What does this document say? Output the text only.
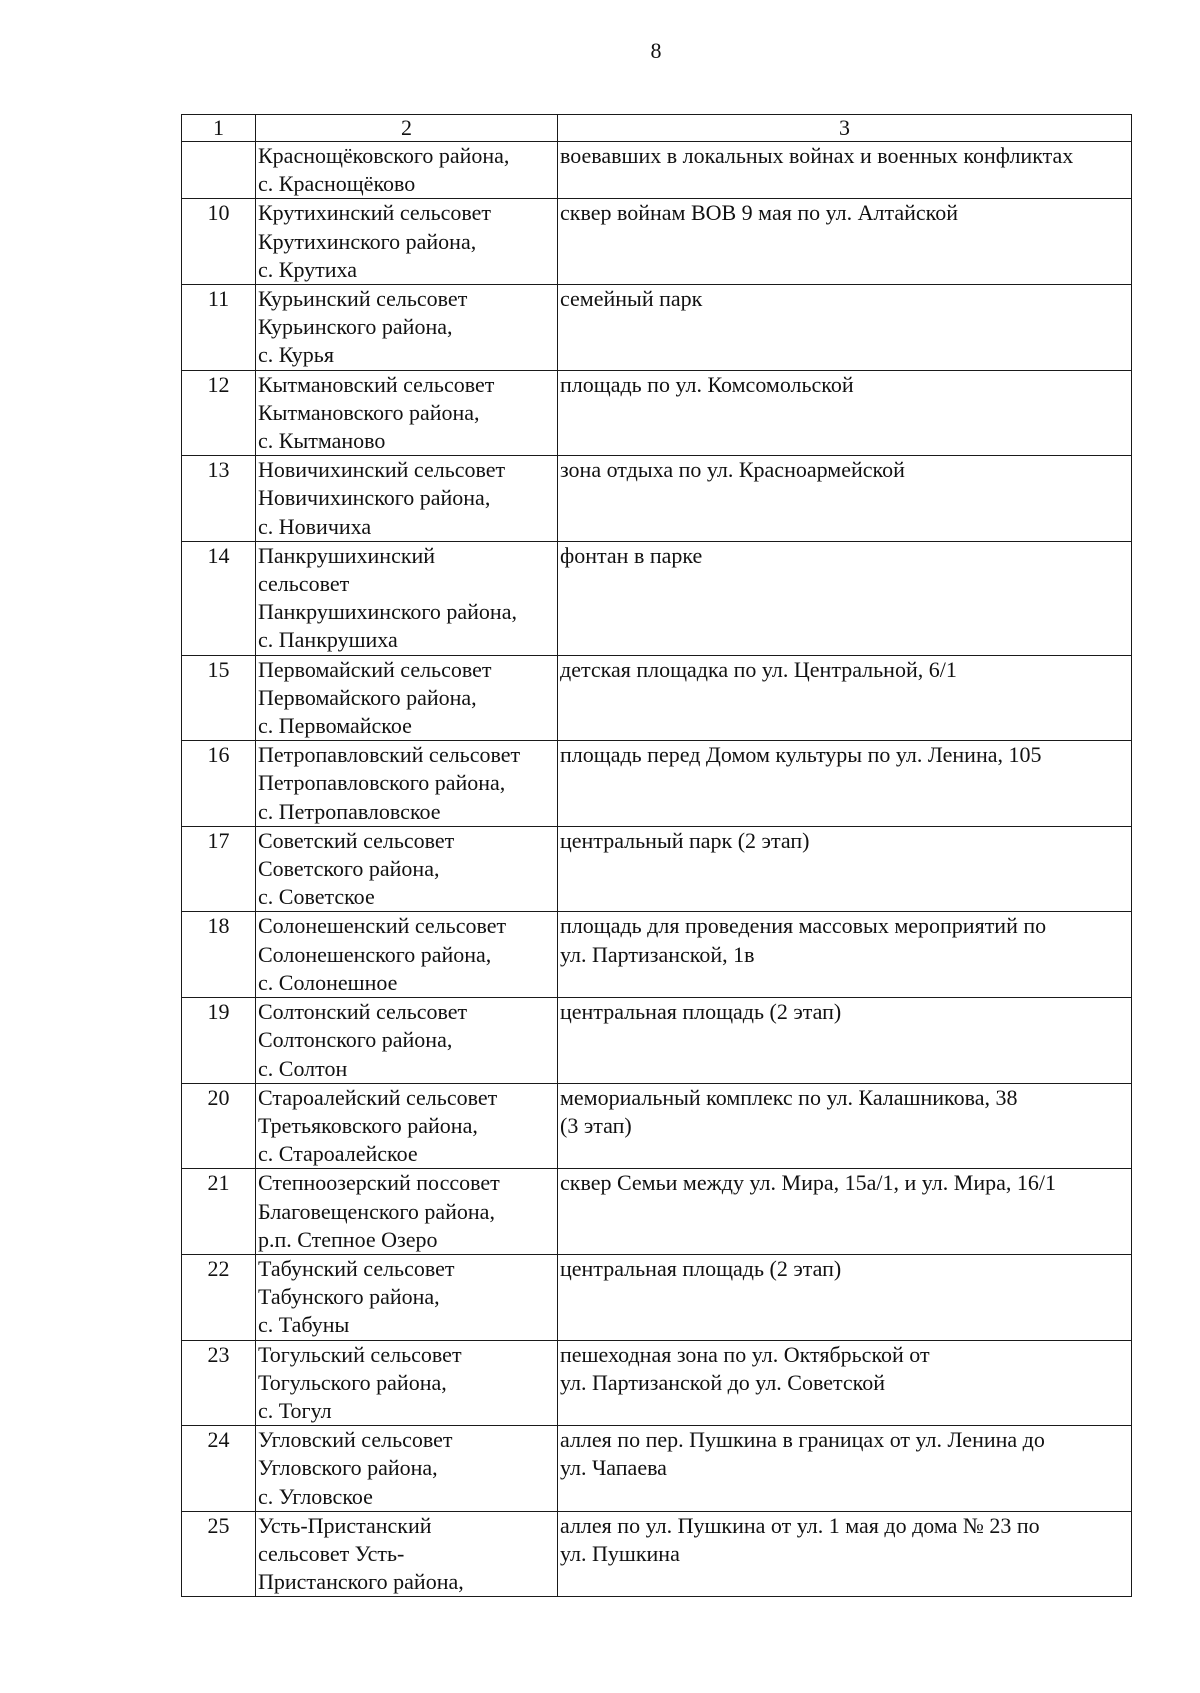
8
1	2	3

	Краснощёковского района,
с. Краснощёково	воевавших в локальных войнах и военных конфликтах

10	Крутихинский сельсовет
Крутихинского района,
с. Крутиха	сквер войнам ВОВ 9 мая по ул. Алтайской

11	Курьинский сельсовет
Курьинского района,
с. Курья	семейный парк

12	Кытмановский сельсовет
Кытмановского района,
с. Кытманово	площадь по ул. Комсомольской

13	Новичихинский сельсовет
Новичихинского района,
с. Новичиха	зона отдыха по ул. Красноармейской

14	Панкрушихинский
сельсовет
Панкрушихинского района,
с. Панкрушиха	фонтан в парке

15	Первомайский сельсовет
Первомайского района,
с. Первомайское	детская площадка по ул. Центральной, 6/1

16	Петропавловский сельсовет
Петропавловского района,
с. Петропавловское	площадь перед Домом культуры по ул. Ленина, 105

17	Советский сельсовет
Советского района,
с. Советское	центральный парк (2 этап)

18	Солонешенский сельсовет
Солонешенского района,
с. Солонешное	площадь для проведения массовых мероприятий по
ул. Партизанской, 1в

19	Солтонский сельсовет
Солтонского района,
с. Солтон	центральная площадь (2 этап)

20	Староалейский сельсовет
Третьяковского района,
с. Староалейское	мемориальный комплекс по ул. Калашникова, 38
(3 этап)

21	Степноозерский поссовет
Благовещенского района,
р.п. Степное Озеро	сквер Семьи между ул. Мира, 15а/1, и ул. Мира, 16/1

22	Табунский сельсовет
Табунского района,
с. Табуны	центральная площадь (2 этап)

23	Тогульский сельсовет
Тогульского района,
с. Тогул	пешеходная зона по ул. Октябрьской от
ул. Партизанской до ул. Советской

24	Угловский сельсовет
Угловского района,
с. Угловское	аллея по пер. Пушкина в границах от ул. Ленина до
ул. Чапаева

25	Усть-Пристанский
сельсовет Усть-
Пристанского района,	аллея по ул. Пушкина от ул. 1 мая до дома № 23 по
ул. Пушкина
